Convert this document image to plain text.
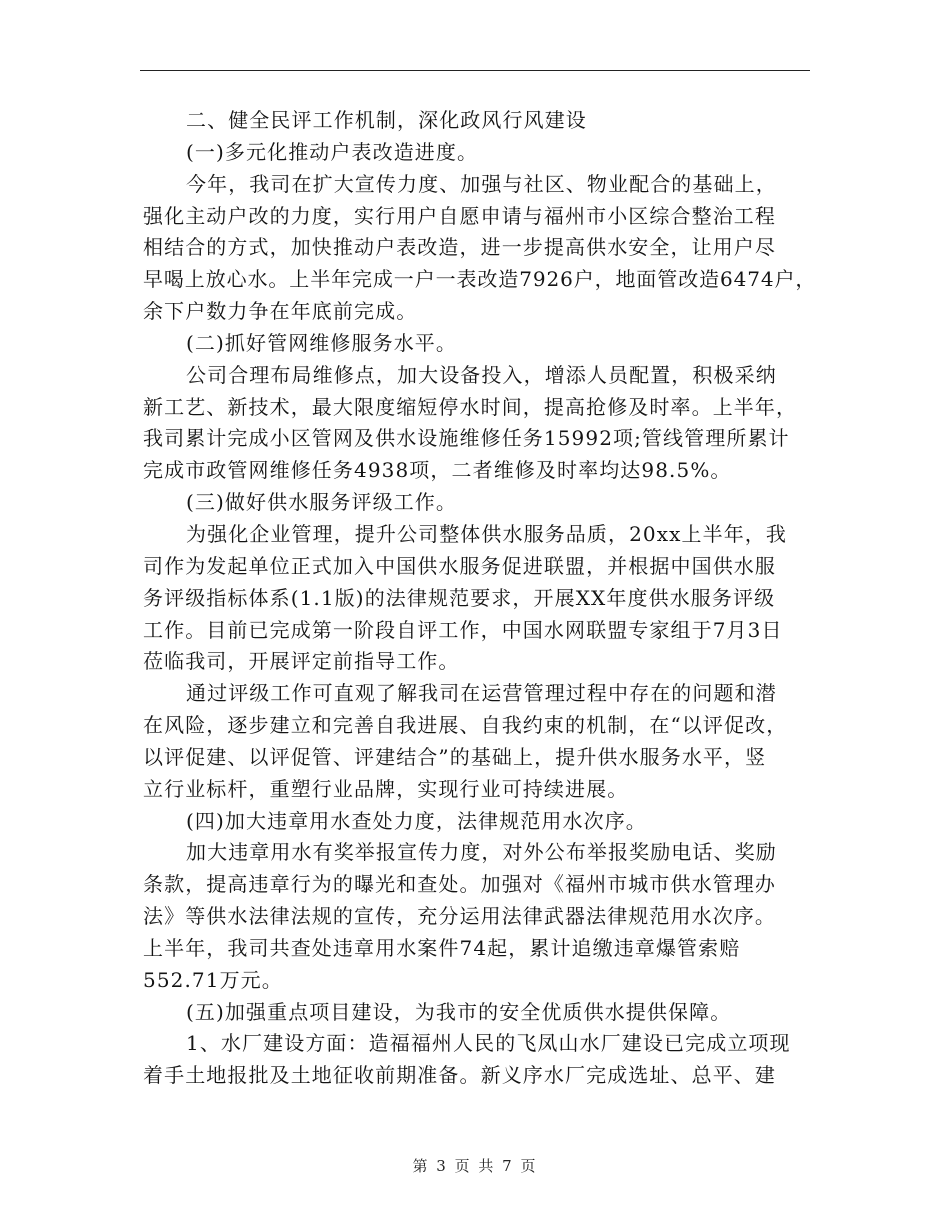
二、健全民评工作机制，深化政风行风建设
(一)多元化推动户表改造进度。
今年，我司在扩大宣传力度、加强与社区、物业配合的基础上，
强化主动户改的力度，实行用户自愿申请与福州市小区综合整治工程
相结合的方式，加快推动户表改造，进一步提高供水安全，让用户尽
早喝上放心水。上半年完成一户一表改造7926户，地面管改造6474户，
余下户数力争在年底前完成。
(二)抓好管网维修服务水平。
公司合理布局维修点，加大设备投入，增添人员配置，积极采纳
新工艺、新技术，最大限度缩短停水时间，提高抢修及时率。上半年，
我司累计完成小区管网及供水设施维修任务15992项;管线管理所累计
完成市政管网维修任务4938项，二者维修及时率均达98.5%。
(三)做好供水服务评级工作。
为强化企业管理，提升公司整体供水服务品质，20xx上半年，我
司作为发起单位正式加入中国供水服务促进联盟，并根据中国供水服
务评级指标体系(1.1版)的法律规范要求，开展XX年度供水服务评级
工作。目前已完成第一阶段自评工作，中国水网联盟专家组于7月3日
莅临我司，开展评定前指导工作。
通过评级工作可直观了解我司在运营管理过程中存在的问题和潜
在风险，逐步建立和完善自我进展、自我约束的机制，在“以评促改，
以评促建、以评促管、评建结合”的基础上，提升供水服务水平，竖
立行业标杆，重塑行业品牌，实现行业可持续进展。
(四)加大违章用水查处力度，法律规范用水次序。
加大违章用水有奖举报宣传力度，对外公布举报奖励电话、奖励
条款，提高违章行为的曝光和查处。加强对《福州市城市供水管理办
法》等供水法律法规的宣传，充分运用法律武器法律规范用水次序。
上半年，我司共查处违章用水案件74起，累计追缴违章爆管索赔
552.71万元。
(五)加强重点项目建设，为我市的安全优质供水提供保障。
1、水厂建设方面：造福福州人民的飞凤山水厂建设已完成立项现
着手土地报批及土地征收前期准备。新义序水厂完成选址、总平、建
第 3 页 共 7 页
